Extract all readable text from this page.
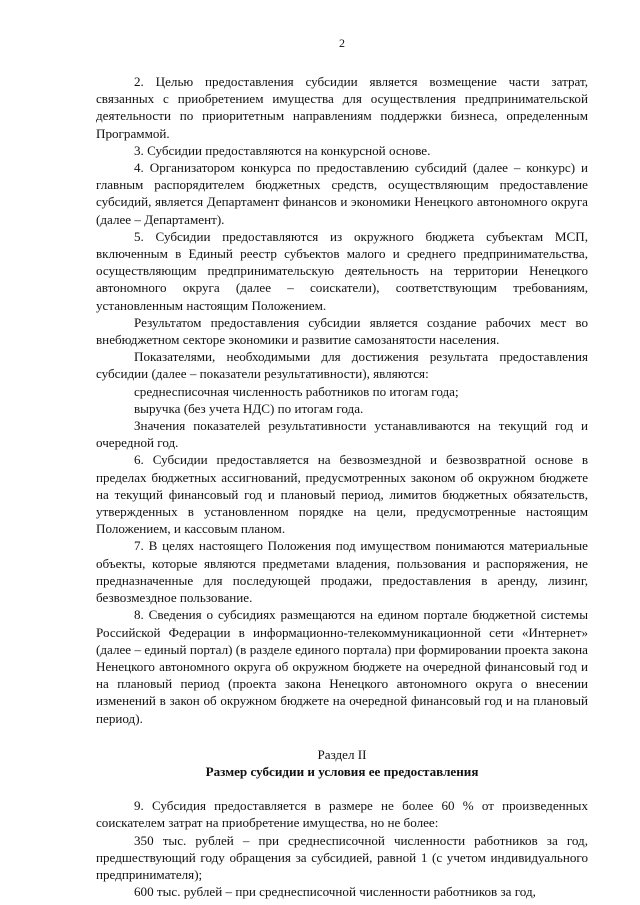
2

2. Целью предоставления субсидии является возмещение части затрат, связанных с приобретением имущества для осуществления предпринимательской деятельности по приоритетным направлениям поддержки бизнеса, определенным Программой.

3. Субсидии предоставляются на конкурсной основе.

4. Организатором конкурса по предоставлению субсидий (далее – конкурс) и главным распорядителем бюджетных средств, осуществляющим предоставление субсидий, является Департамент финансов и экономики Ненецкого автономного округа (далее – Департамент).

5. Субсидии предоставляются из окружного бюджета субъектам МСП, включенным в Единый реестр субъектов малого и среднего предпринимательства, осуществляющим предпринимательскую деятельность на территории Ненецкого автономного округа (далее – соискатели), соответствующим требованиям, установленным настоящим Положением.

Результатом предоставления субсидии является создание рабочих мест во внебюджетном секторе экономики и развитие самозанятости населения.

Показателями, необходимыми для достижения результата предоставления субсидии (далее – показатели результативности), являются:

среднесписочная численность работников по итогам года;

выручка (без учета НДС) по итогам года.

Значения показателей результативности устанавливаются на текущий год и очередной год.

6. Субсидии предоставляется на безвозмездной и безвозвратной основе в пределах бюджетных ассигнований, предусмотренных законом об окружном бюджете на текущий финансовый год и плановый период, лимитов бюджетных обязательств, утвержденных в установленном порядке на цели, предусмотренные настоящим Положением, и кассовым планом.

7. В целях настоящего Положения под имуществом понимаются материальные объекты, которые являются предметами владения, пользования и распоряжения, не предназначенные для последующей продажи, предоставления в аренду, лизинг, безвозмездное пользование.

8. Сведения о субсидиях размещаются на едином портале бюджетной системы Российской Федерации в информационно-телекоммуникационной сети «Интернет» (далее – единый портал) (в разделе единого портала) при формировании проекта закона Ненецкого автономного округа об окружном бюджете на очередной финансовый год и на плановый период (проекта закона Ненецкого автономного округа о внесении изменений в закон об окружном бюджете на очередной финансовый год и на плановый период).

Раздел II
Размер субсидии и условия ее предоставления

9. Субсидия предоставляется в размере не более 60 % от произведенных соискателем затрат на приобретение имущества, но не более:

350 тыс. рублей – при среднесписочной численности работников за год, предшествующий году обращения за субсидией, равной 1 (с учетом индивидуального предпринимателя);

600 тыс. рублей – при среднесписочной численности работников за год,
